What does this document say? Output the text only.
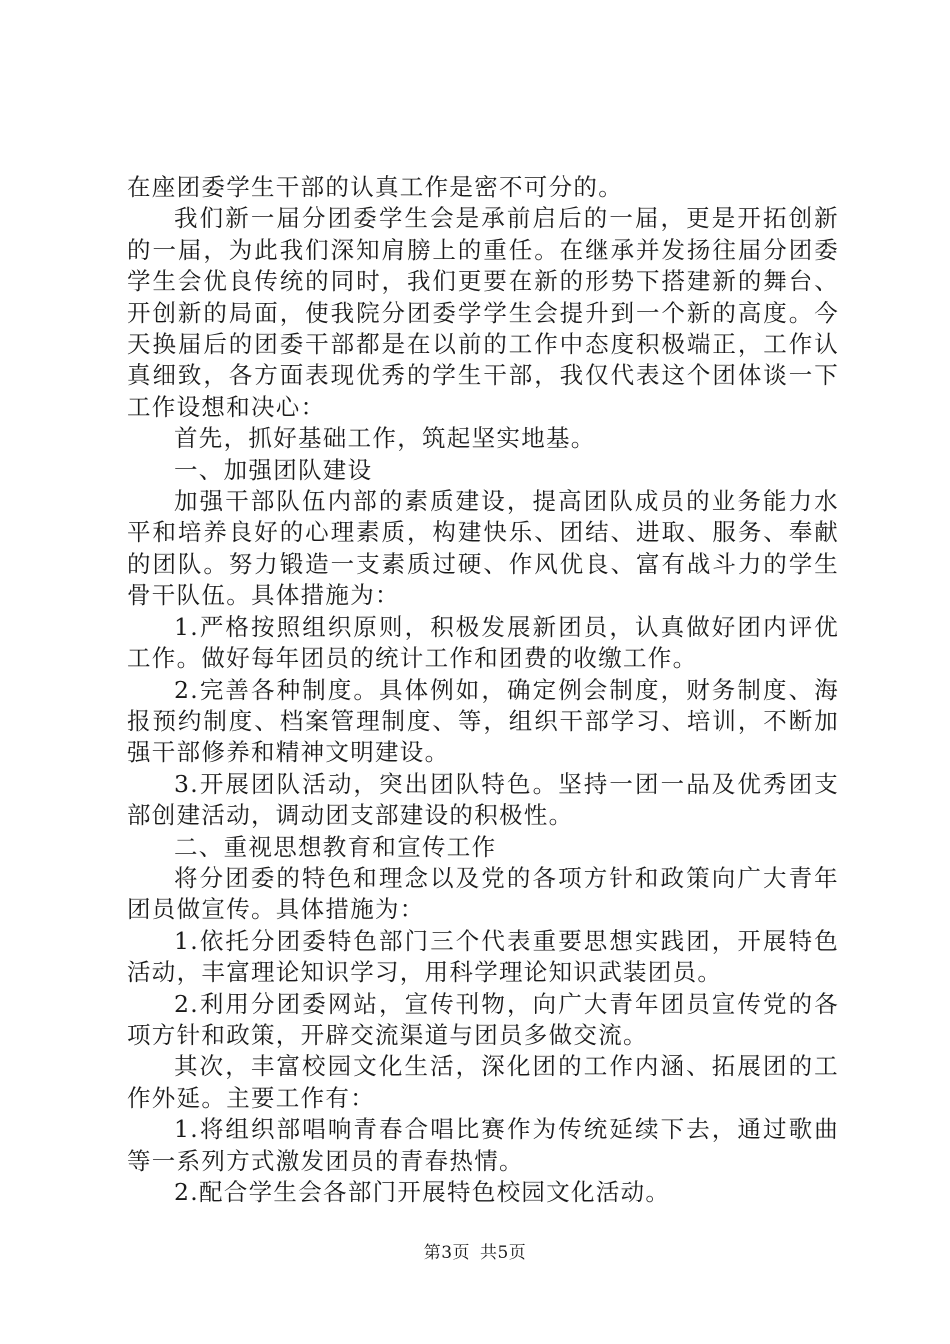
在座团委学生干部的认真工作是密不可分的。

我们新一届分团委学生会是承前启后的一届，更是开拓创新的一届，为此我们深知肩膀上的重任。在继承并发扬往届分团委学生会优良传统的同时，我们更要在新的形势下搭建新的舞台、开创新的局面，使我院分团委学学生会提升到一个新的高度。今天换届后的团委干部都是在以前的工作中态度积极端正，工作认真细致，各方面表现优秀的学生干部，我仅代表这个团体谈一下工作设想和决心：

首先，抓好基础工作，筑起坚实地基。

一、加强团队建设

加强干部队伍内部的素质建设，提高团队成员的业务能力水平和培养良好的心理素质，构建快乐、团结、进取、服务、奉献的团队。努力锻造一支素质过硬、作风优良、富有战斗力的学生骨干队伍。具体措施为：

1.严格按照组织原则，积极发展新团员，认真做好团内评优工作。做好每年团员的统计工作和团费的收缴工作。

2.完善各种制度。具体例如，确定例会制度，财务制度、海报预约制度、档案管理制度、等，组织干部学习、培训，不断加强干部修养和精神文明建设。

3.开展团队活动，突出团队特色。坚持一团一品及优秀团支部创建活动，调动团支部建设的积极性。

二、重视思想教育和宣传工作

将分团委的特色和理念以及党的各项方针和政策向广大青年团员做宣传。具体措施为：

1.依托分团委特色部门三个代表重要思想实践团，开展特色活动，丰富理论知识学习，用科学理论知识武装团员。

2.利用分团委网站，宣传刊物，向广大青年团员宣传党的各项方针和政策，开辟交流渠道与团员多做交流。

其次，丰富校园文化生活，深化团的工作内涵、拓展团的工作外延。主要工作有：

1.将组织部唱响青春合唱比赛作为传统延续下去，通过歌曲等一系列方式激发团员的青春热情。

2.配合学生会各部门开展特色校园文化活动。

第3页 共5页
